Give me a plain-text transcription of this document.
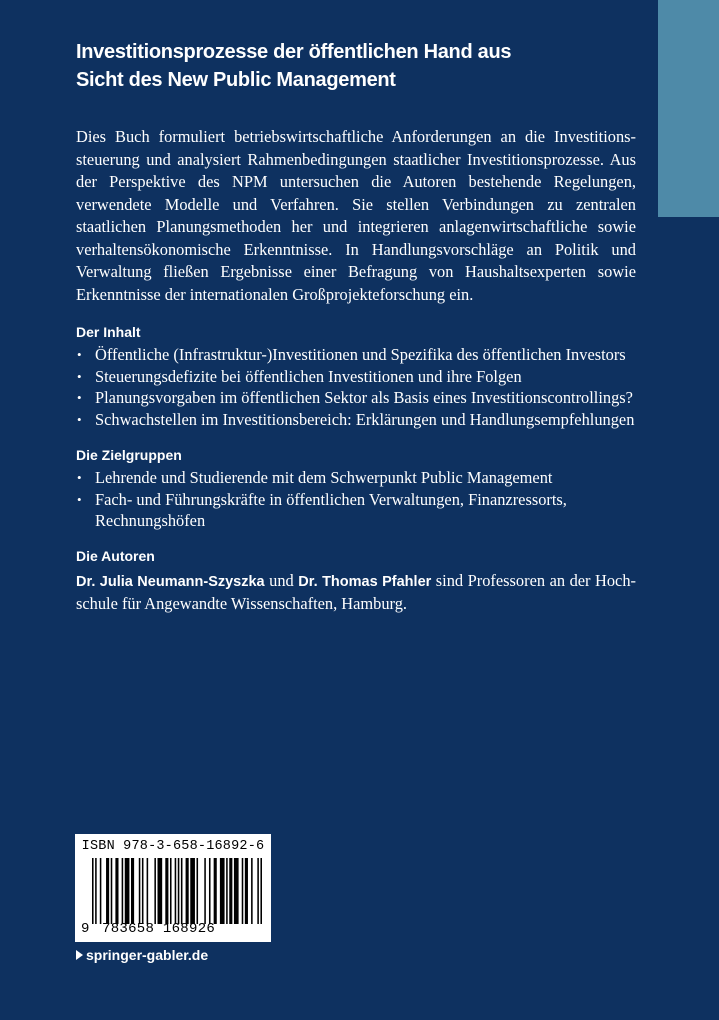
Investitionsprozesse der öffentlichen Hand aus
Sicht des New Public Management

Dies Buch formuliert betriebswirtschaftliche Anforderungen an die Investitionssteuerung und analysiert Rahmenbedingungen staatlicher Investitionsprozesse. Aus der Perspektive des NPM untersuchen die Autoren bestehende Regelungen, verwendete Modelle und Verfahren. Sie stellen Verbindungen zu zentralen staatlichen Planungsmethoden her und integrieren anlagenwirtschaftliche sowie verhaltensökonomische Erkenntnisse. In Handlungsvorschläge an Politik und Verwaltung fließen Ergebnisse einer Befragung von Haushaltsexperten sowie Erkenntnisse der internationalen Großprojekteforschung ein.

Der Inhalt
• Öffentliche (Infrastruktur-)Investitionen und Spezifika des öffentlichen Investors
• Steuerungsdefizite bei öffentlichen Investitionen und ihre Folgen
• Planungsvorgaben im öffentlichen Sektor als Basis eines Investitionscontrollings?
• Schwachstellen im Investitionsbereich: Erklärungen und Handlungsempfehlungen
Die Zielgruppen
• Lehrende und Studierende mit dem Schwerpunkt Public Management
• Fach- und Führungskräfte in öffentlichen Verwaltungen, Finanzressorts, Rechnungshöfen
Die Autoren

Dr. Julia Neumann-Szyszka und Dr. Thomas Pfahler sind Professoren an der Hochschule für Angewandte Wissenschaften, Hamburg.

ISBN 978-3-658-16892-6
9 783658 168926
springer-gabler.de
